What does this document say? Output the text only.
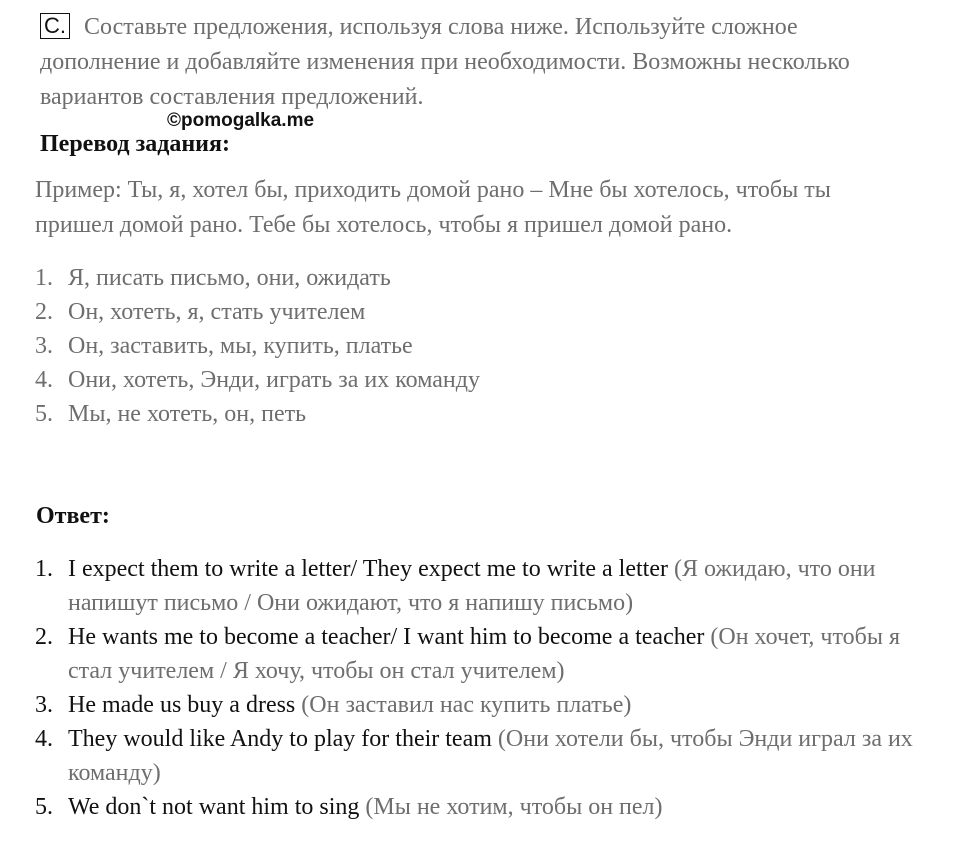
C. Составьте предложения, используя слова ниже. Используйте сложное дополнение и добавляйте изменения при необходимости. Возможны несколько вариантов составления предложений.
©pomogalka.me
Перевод задания:
Пример: Ты, я, хотел бы, приходить домой рано – Мне бы хотелось, чтобы ты пришел домой рано. Тебе бы хотелось, чтобы я пришел домой рано.
1. Я, писать письмо, они, ожидать
2. Он, хотеть, я, стать учителем
3. Он, заставить, мы, купить, платье
4. Они, хотеть, Энди, играть за их команду
5. Мы, не хотеть, он, петь
Ответ:
1. I expect them to write a letter/ They expect me to write a letter (Я ожидаю, что они напишут письмо / Они ожидают, что я напишу письмо)
2. He wants me to become a teacher/ I want him to become a teacher (Он хочет, чтобы я стал учителем / Я хочу, чтобы он стал учителем)
3. He made us buy a dress (Он заставил нас купить платье)
4. They would like Andy to play for their team (Они хотели бы, чтобы Энди играл за их команду)
5. We don`t not want him to sing (Мы не хотим, чтобы он пел)
